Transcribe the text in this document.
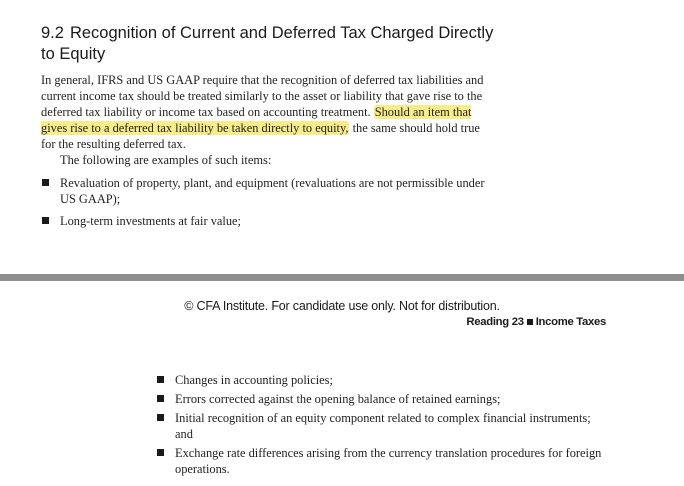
9.2 Recognition of Current and Deferred Tax Charged Directly to Equity

In general, IFRS and US GAAP require that the recognition of deferred tax liabilities and current income tax should be treated similarly to the asset or liability that gave rise to the deferred tax liability or income tax based on accounting treatment. Should an item that gives rise to a deferred tax liability be taken directly to equity, the same should hold true for the resulting deferred tax.

The following are examples of such items:

Revaluation of property, plant, and equipment (revaluations are not permissible under US GAAP);
Long-term investments at fair value;

© CFA Institute. For candidate use only. Not for distribution.

Reading 23 Income Taxes

Changes in accounting policies;
Errors corrected against the opening balance of retained earnings;
Initial recognition of an equity component related to complex financial instruments; and
Exchange rate differences arising from the currency translation procedures for foreign operations.
